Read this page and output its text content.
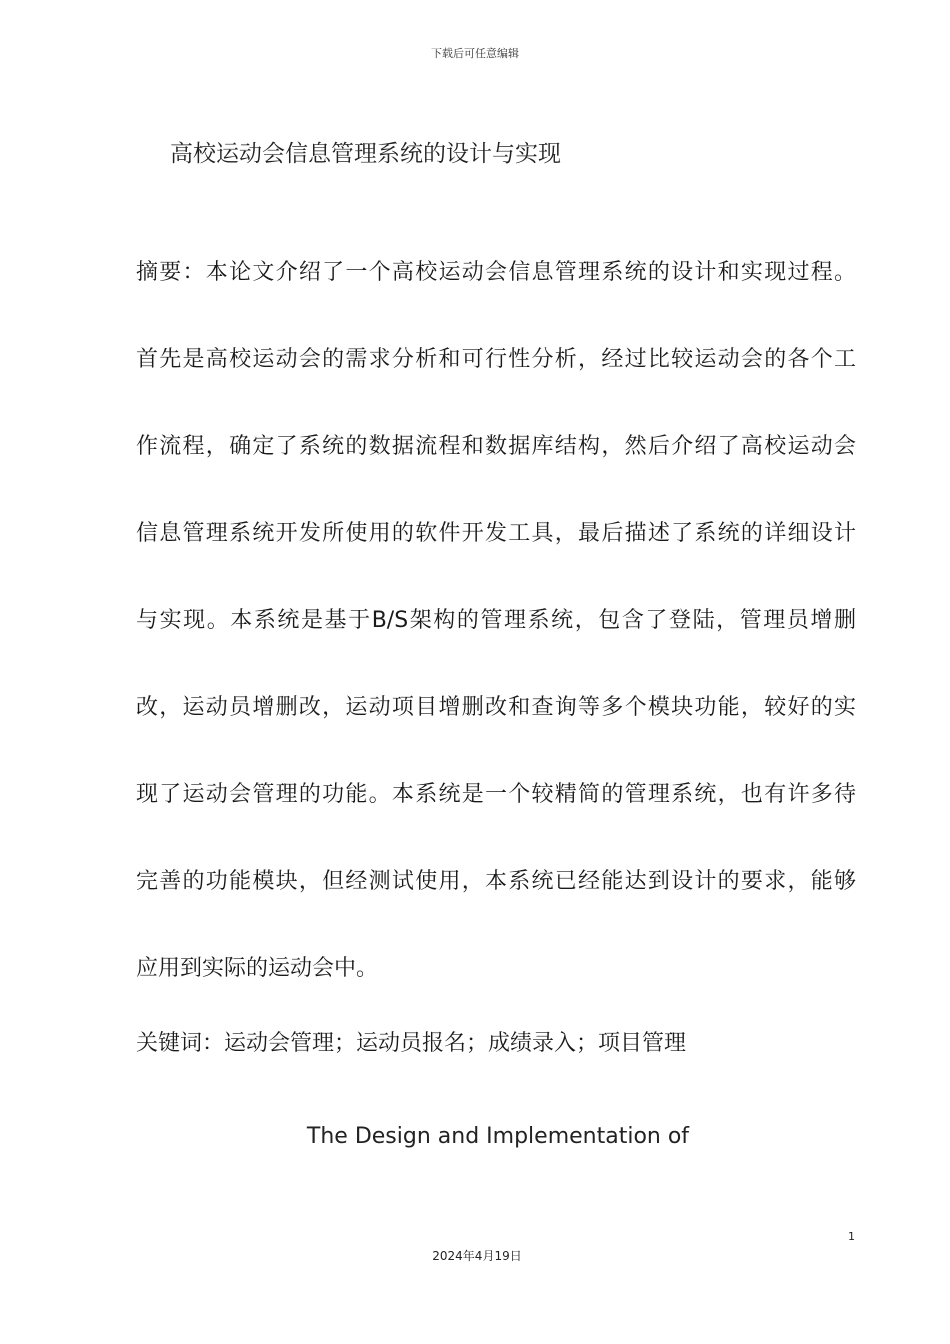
下载后可任意编辑
高校运动会信息管理系统的设计与实现
摘要：本论文介绍了一个高校运动会信息管理系统的设计和实现过程。
首先是高校运动会的需求分析和可行性分析，经过比较运动会的各个工
作流程，确定了系统的数据流程和数据库结构，然后介绍了高校运动会
信息管理系统开发所使用的软件开发工具，最后描述了系统的详细设计
与实现。本系统是基于B/S架构的管理系统，包含了登陆，管理员增删
改，运动员增删改，运动项目增删改和查询等多个模块功能，较好的实
现了运动会管理的功能。本系统是一个较精简的管理系统，也有许多待
完善的功能模块，但经测试使用，本系统已经能达到设计的要求，能够
应用到实际的运动会中。
关键词：运动会管理；运动员报名；成绩录入；项目管理
The Design and Implementation of
1
2024年4月19日
